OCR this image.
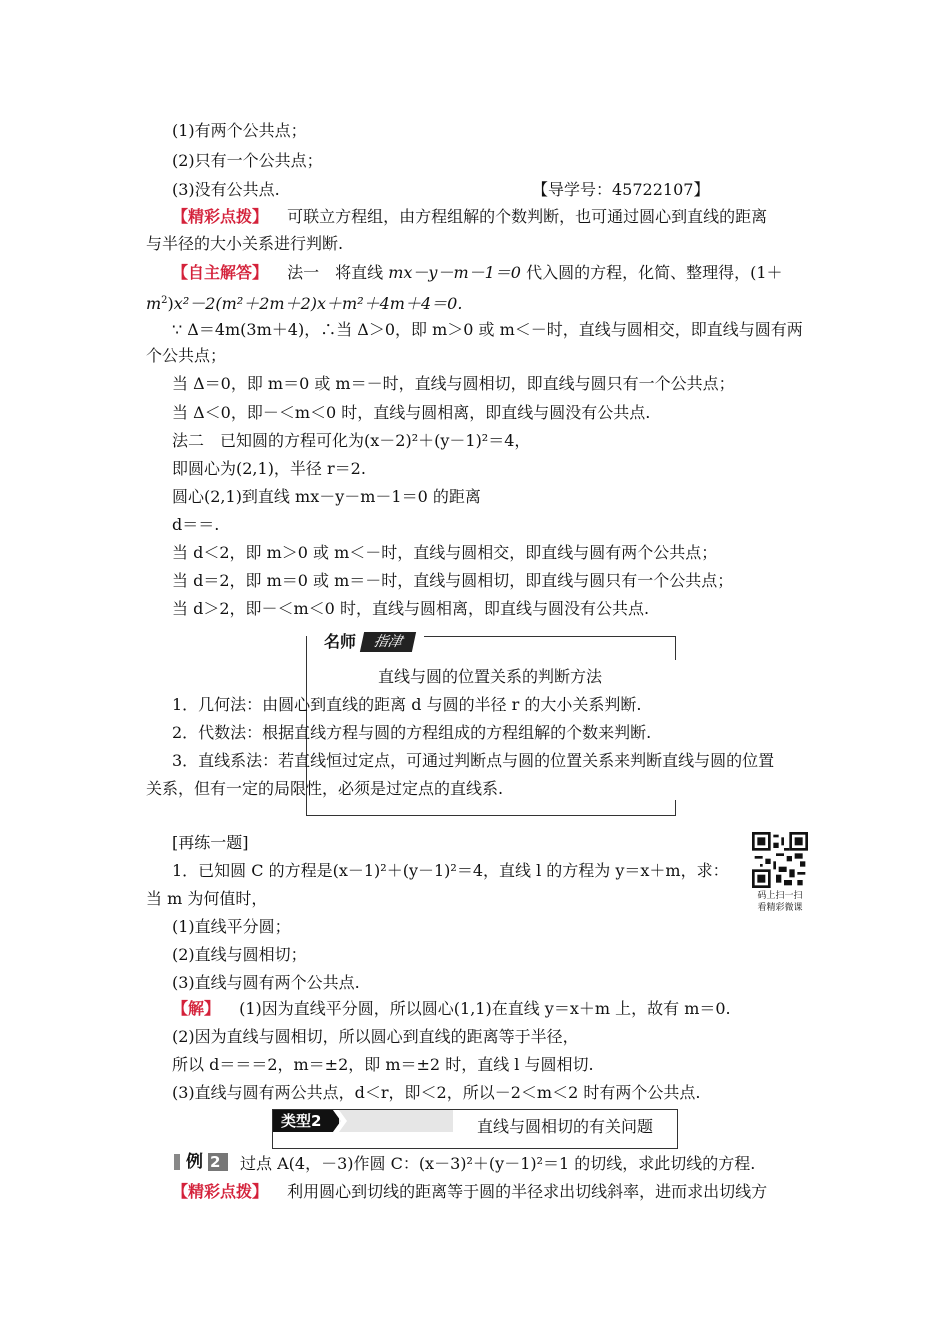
(1)有两个公共点；
(2)只有一个公共点；
(3)没有公共点.	【导学号：45722107】
【精彩点拨】 可联立方程组，由方程组解的个数判断，也可通过圆心到直线的距离
与半径的大小关系进行判断.
【自主解答】 法一　将直线 mx－y－m－1＝0 代入圆的方程，化简、整理得，(1＋
$m^2)x^2-2(m^2+2m+2)x+m^2+4m+4=0$.
∵ Δ＝4m(3m＋4)，∴当 Δ＞0，即 m＞0 或 m＜－时，直线与圆相交，即直线与圆有两
个公共点；
当 Δ＝0，即 m＝0 或 m＝－时，直线与圆相切，即直线与圆只有一个公共点；
当 Δ＜0，即－＜m＜0 时，直线与圆相离，即直线与圆没有公共点.
法二　已知圆的方程可化为(x－2)²＋(y－1)²＝4，
即圆心为(2,1)，半径 r＝2.
圆心(2,1)到直线 mx－y－m－1＝0 的距离
d＝＝.
当 d＜2，即 m＞0 或 m＜－时，直线与圆相交，即直线与圆有两个公共点；
当 d＝2，即 m＝0 或 m＝－时，直线与圆相切，即直线与圆只有一个公共点；
当 d＞2，即－＜m＜0 时，直线与圆相离，即直线与圆没有公共点.
名师	指津
直线与圆的位置关系的判断方法
1．几何法：由圆心到直线的距离 d 与圆的半径 r 的大小关系判断.
2．代数法：根据直线方程与圆的方程组成的方程组解的个数来判断.
3．直线系法：若直线恒过定点，可通过判断点与圆的位置关系来判断直线与圆的位置
关系，但有一定的局限性，必须是过定点的直线系.
[再练一题]
1．已知圆 C 的方程是(x－1)²＋(y－1)²＝4，直线 l 的方程为 y＝x＋m，求：
当 m 为何值时，	码上扫一扫
看精彩微课
(1)直线平分圆；
(2)直线与圆相切；
(3)直线与圆有两个公共点.
【解】 (1)因为直线平分圆，所以圆心(1,1)在直线 y＝x＋m 上，故有 m＝0.
(2)因为直线与圆相切，所以圆心到直线的距离等于半径，
所以 d＝＝＝2，m＝±2，即 m＝±2 时，直线 l 与圆相切.
(3)直线与圆有两公共点，d＜r，即＜2，所以－2＜m＜2 时有两个公共点.
类型2	直线与圆相切的有关问题
例 2 过点 A(4，－3)作圆 C：(x－3)²＋(y－1)²＝1 的切线，求此切线的方程.
【精彩点拨】 利用圆心到切线的距离等于圆的半径求出切线斜率，进而求出切线方
